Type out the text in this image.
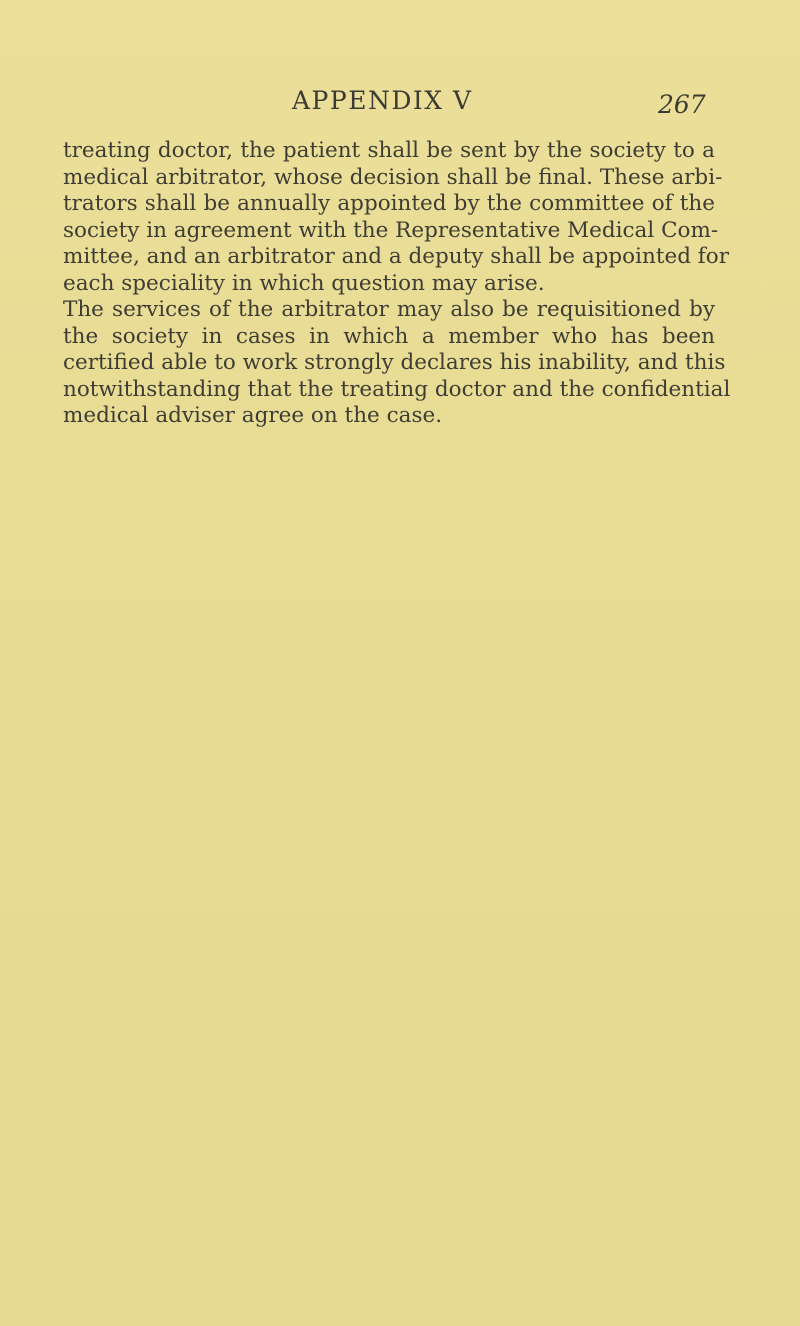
APPENDIX V	267
treating doctor, the patient shall be sent by the society to a
medical arbitrator, whose decision shall be final. These arbi-
trators shall be annually appointed by the committee of the
society in agreement with the Representative Medical Com-
mittee, and an arbitrator and a deputy shall be appointed for
each speciality in which question may arise.
The services of the arbitrator may also be requisitioned by
the society in cases in which a member who has been
certified able to work strongly declares his inability, and this
notwithstanding that the treating doctor and the confidential
medical adviser agree on the case.
